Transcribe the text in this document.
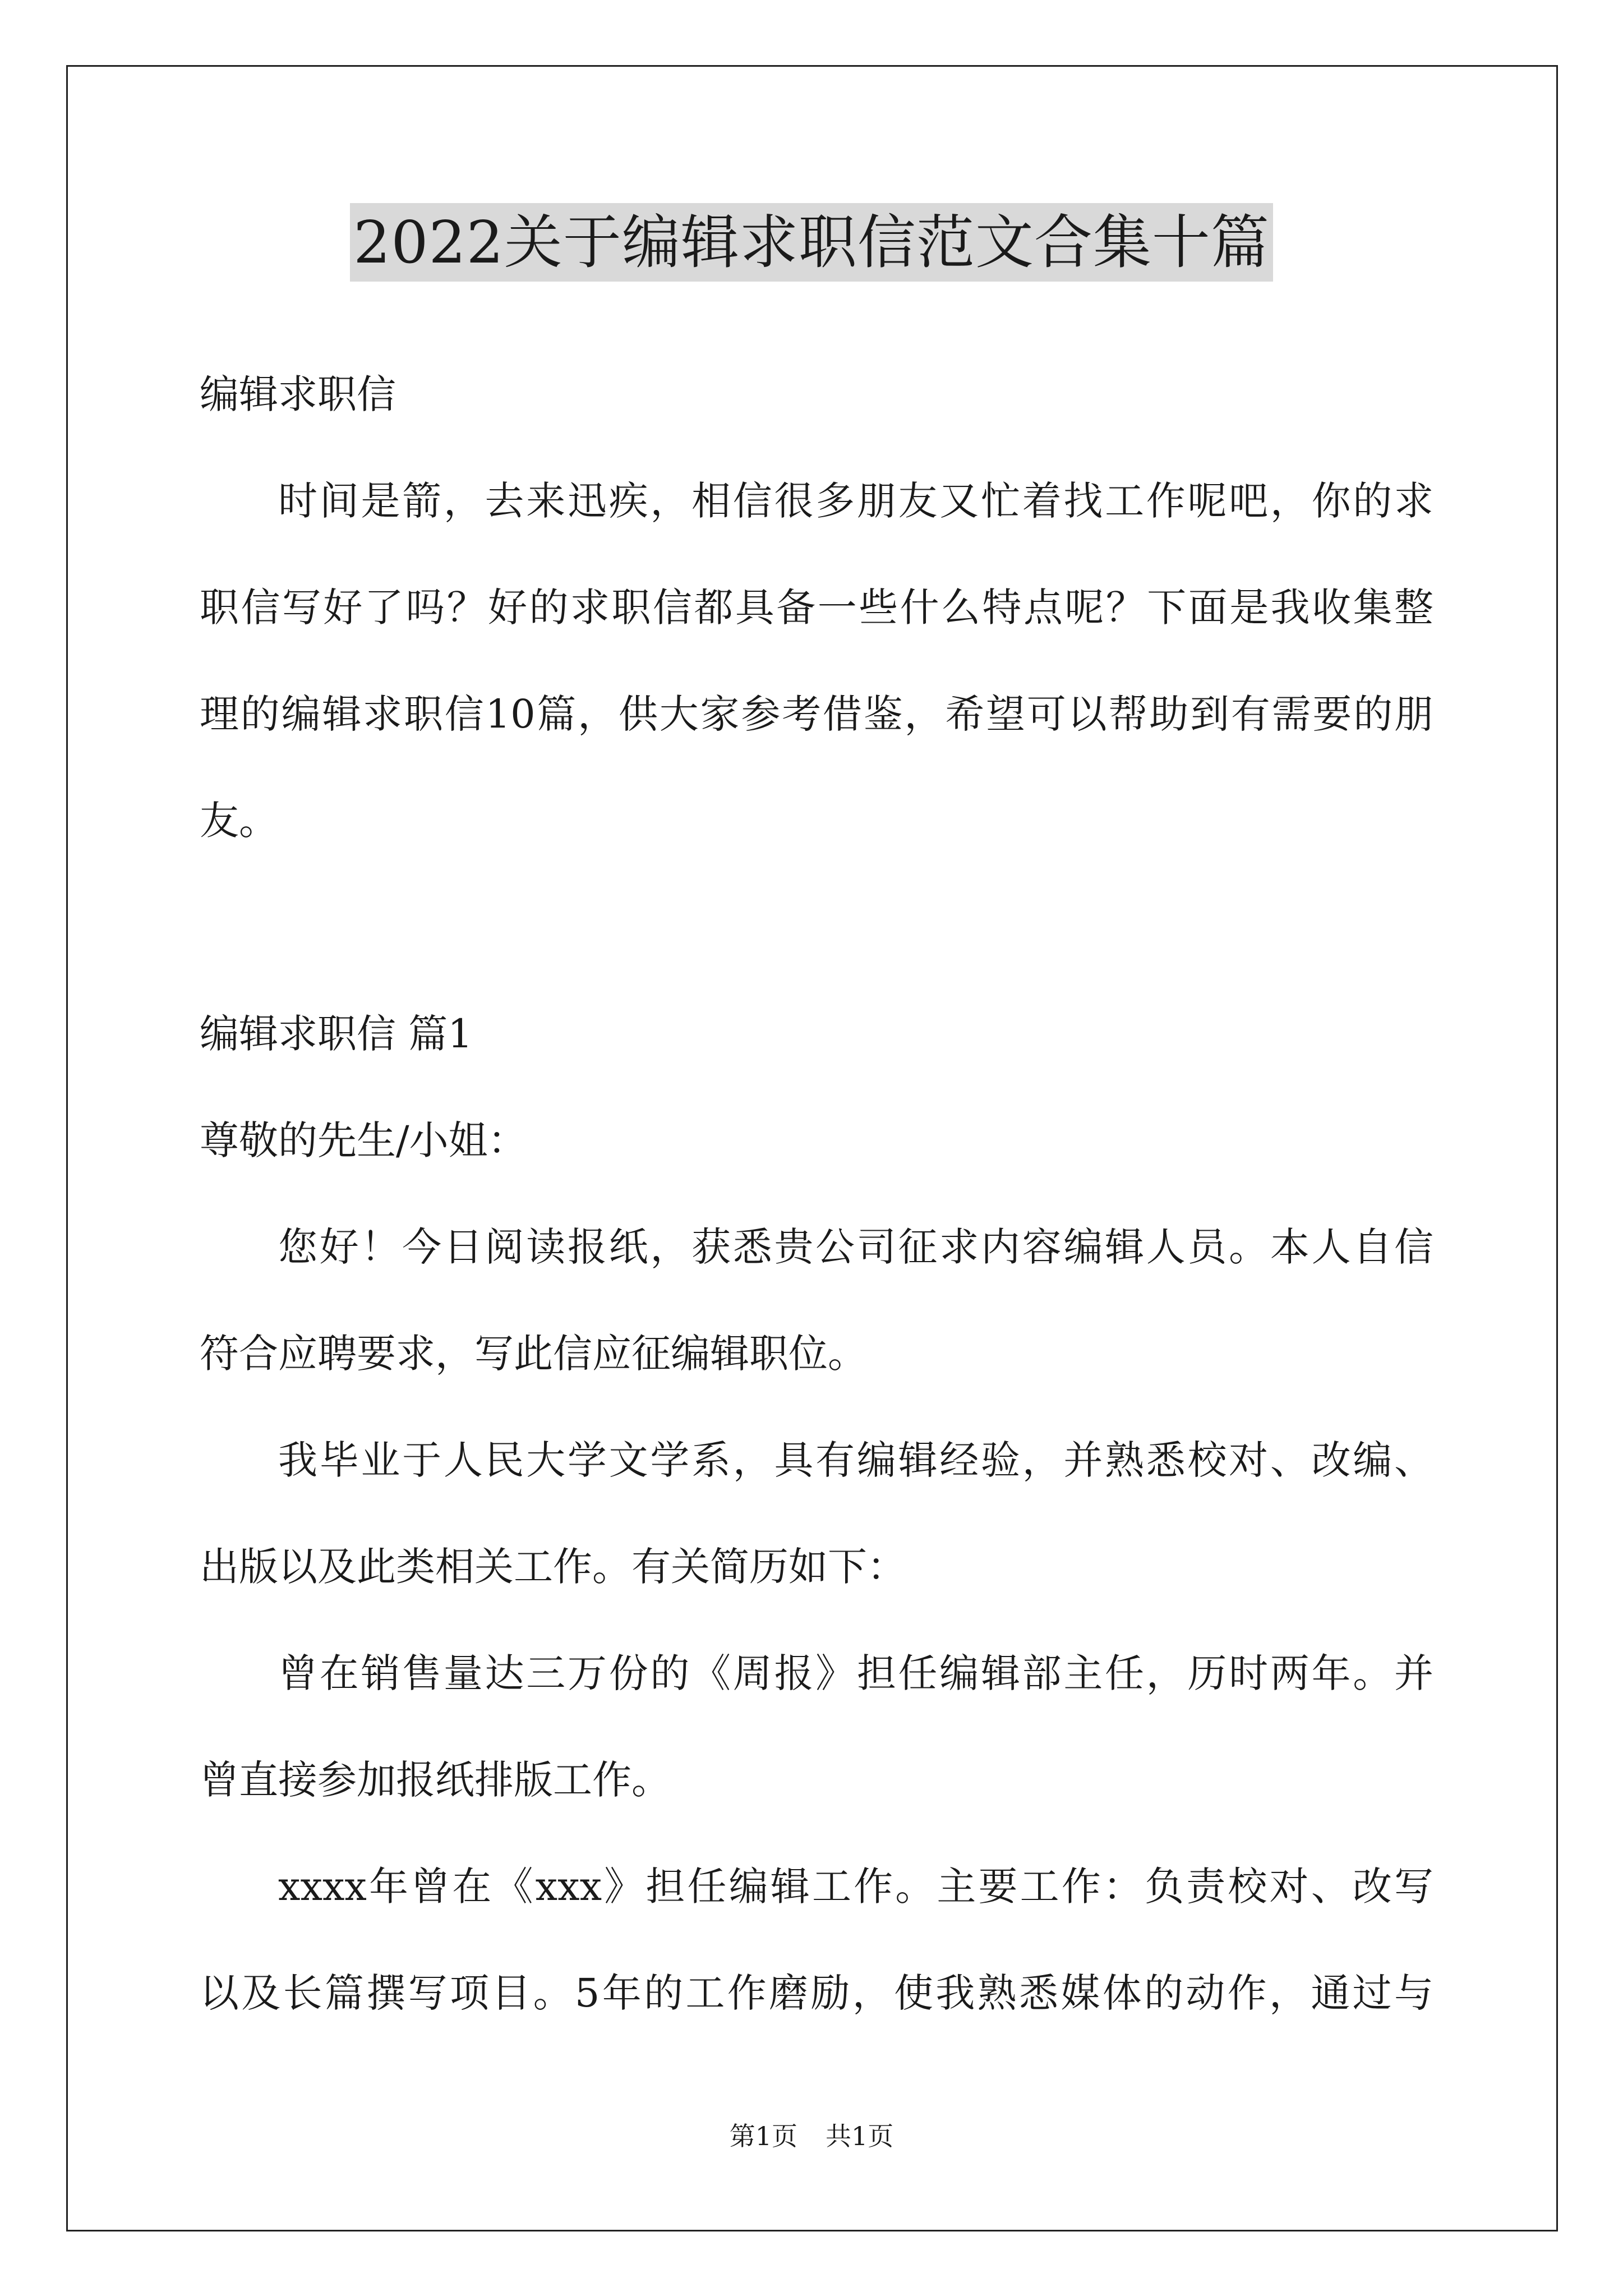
2022关于编辑求职信范文合集十篇
编辑求职信
时间是箭，去来迅疾，相信很多朋友又忙着找工作呢吧，你的求
职信写好了吗？好的求职信都具备一些什么特点呢？下面是我收集整
理的编辑求职信10篇，供大家参考借鉴，希望可以帮助到有需要的朋
友。
编辑求职信 篇1
尊敬的先生/小姐：
您好！今日阅读报纸，获悉贵公司征求内容编辑人员。本人自信
符合应聘要求，写此信应征编辑职位。
我毕业于人民大学文学系，具有编辑经验，并熟悉校对、改编、
出版以及此类相关工作。有关简历如下：
曾在销售量达三万份的《周报》担任编辑部主任，历时两年。并
曾直接参加报纸排版工作。
xxxx年曾在《xxx》担任编辑工作。主要工作：负责校对、改写
以及长篇撰写项目。5年的工作磨励，使我熟悉媒体的动作，通过与
第1页 共1页
